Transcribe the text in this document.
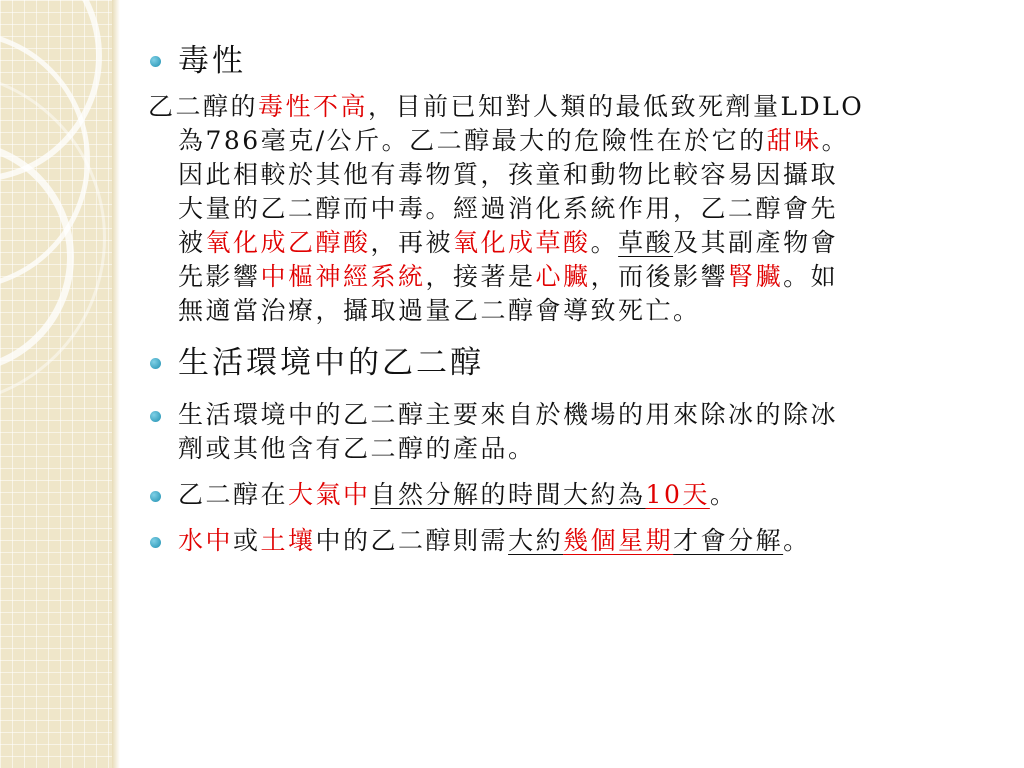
毒性
乙二醇的毒性不高，目前已知對人類的最低致死劑量LDLO
為786毫克/公斤。乙二醇最大的危險性在於它的甜味。
因此相較於其他有毒物質，孩童和動物比較容易因攝取
大量的乙二醇而中毒。經過消化系統作用，乙二醇會先
被氧化成乙醇酸，再被氧化成草酸。草酸及其副產物會
先影響中樞神經系統，接著是心臟，而後影響腎臟。如
無適當治療，攝取過量乙二醇會導致死亡。
生活環境中的乙二醇
生活環境中的乙二醇主要來自於機場的用來除冰的除冰
劑或其他含有乙二醇的產品。
乙二醇在大氣中自然分解的時間大約為10天。
水中或土壤中的乙二醇則需大約幾個星期才會分解。
